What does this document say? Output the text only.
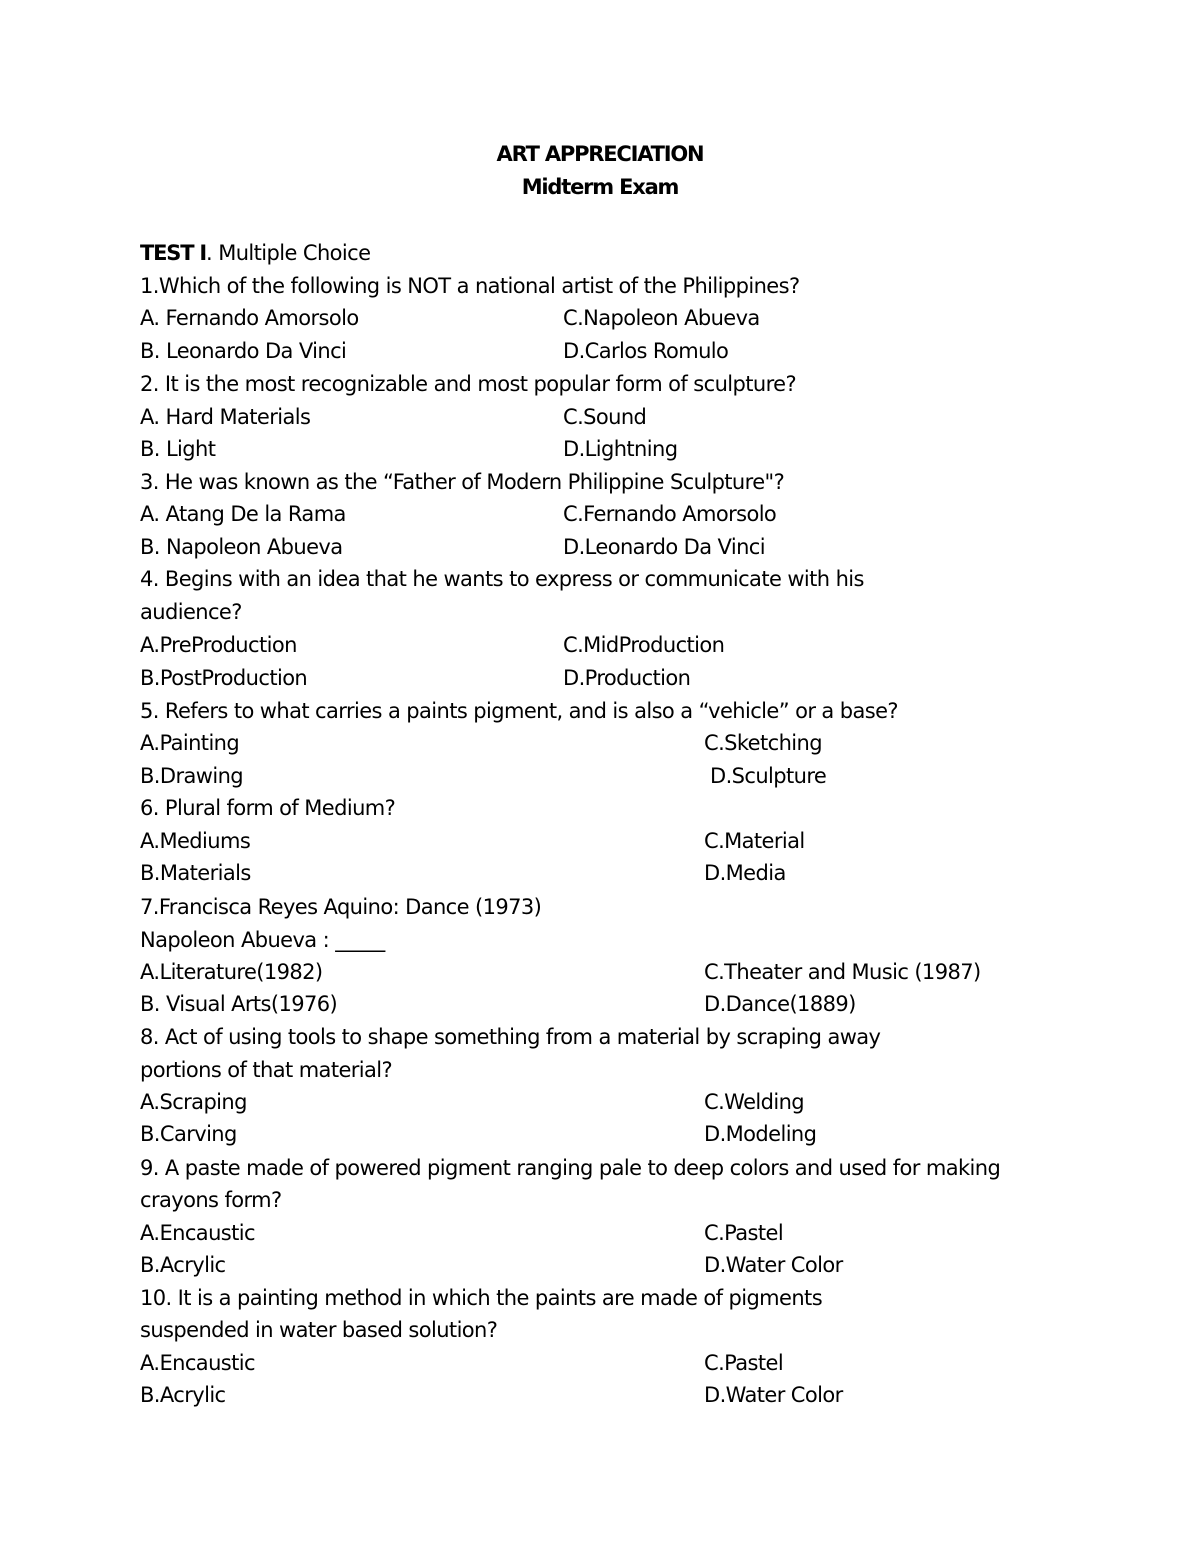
ART APPRECIATION
Midterm Exam
TEST I. Multiple Choice
1.Which of the following is NOT a national artist of the Philippines?
A. Fernando Amorsolo	C.Napoleon Abueva
B. Leonardo Da Vinci	D.Carlos Romulo
2. It is the most recognizable and most popular form of sculpture?
A. Hard Materials	C.Sound
B. Light	D.Lightning
3. He was known as the “Father of Modern Philippine Sculpture"?
A. Atang De la Rama	C.Fernando Amorsolo
B. Napoleon Abueva	D.Leonardo Da Vinci
4. Begins with an idea that he wants to express or communicate with his
audience?
A.PreProduction	C.MidProduction
B.PostProduction	D.Production
5. Refers to what carries a paints pigment, and is also a “vehicle” or a base?
A.Painting	C.Sketching
B.Drawing	D.Sculpture
6. Plural form of Medium?
A.Mediums	C.Material
B.Materials	D.Media
7.Francisca Reyes Aquino: Dance (1973)
Napoleon Abueva : _____
A.Literature(1982)	C.Theater and Music (1987)
B. Visual Arts(1976)	D.Dance(1889)
8. Act of using tools to shape something from a material by scraping away
portions of that material?
A.Scraping	C.Welding
B.Carving	D.Modeling
9. A paste made of powered pigment ranging pale to deep colors and used for making
crayons form?
A.Encaustic	C.Pastel
B.Acrylic	D.Water Color
10. It is a painting method in which the paints are made of pigments
suspended in water based solution?
A.Encaustic	C.Pastel
B.Acrylic	D.Water Color
